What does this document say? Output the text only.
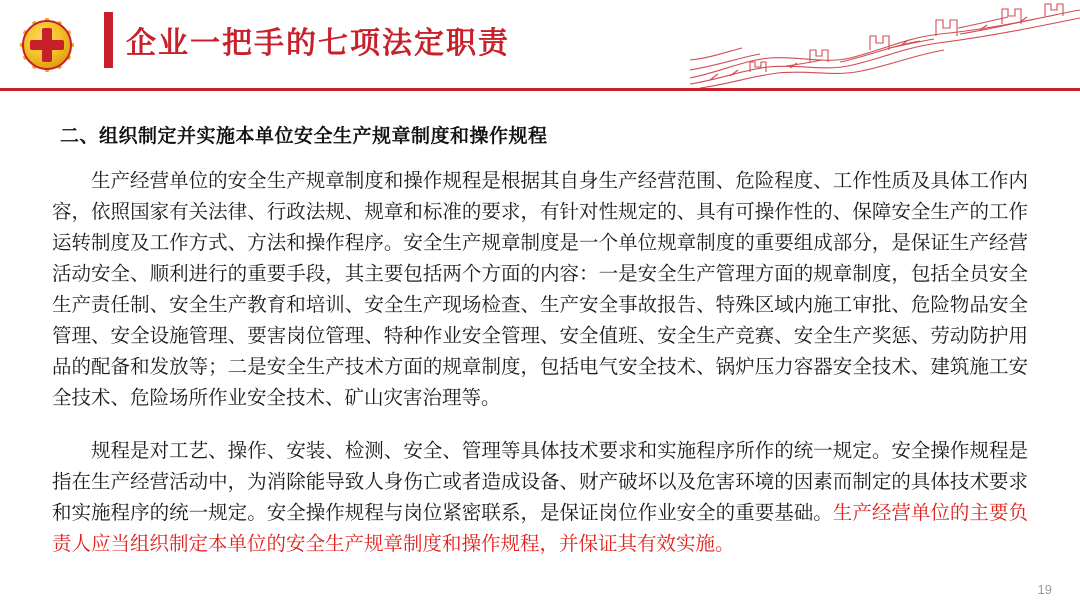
企业一把手的七项法定职责
二、组织制定并实施本单位安全生产规章制度和操作规程

生产经营单位的安全生产规章制度和操作规程是根据其自身生产经营范围、危险程度、工作性质及具体工作内容，依照国家有关法律、行政法规、规章和标准的要求，有针对性规定的、具有可操作性的、保障安全生产的工作运转制度及工作方式、方法和操作程序。安全生产规章制度是一个单位规章制度的重要组成部分，是保证生产经营活动安全、顺利进行的重要手段，其主要包括两个方面的内容：一是安全生产管理方面的规章制度，包括全员安全生产责任制、安全生产教育和培训、安全生产现场检查、生产安全事故报告、特殊区域内施工审批、危险物品安全管理、安全设施管理、要害岗位管理、特种作业安全管理、安全值班、安全生产竞赛、安全生产奖惩、劳动防护用品的配备和发放等；二是安全生产技术方面的规章制度，包括电气安全技术、锅炉压力容器安全技术、建筑施工安全技术、危险场所作业安全技术、矿山灾害治理等。

规程是对工艺、操作、安装、检测、安全、管理等具体技术要求和实施程序所作的统一规定。安全操作规程是指在生产经营活动中，为消除能导致人身伤亡或者造成设备、财产破坏以及危害环境的因素而制定的具体技术要求和实施程序的统一规定。安全操作规程与岗位紧密联系，是保证岗位作业安全的重要基础。生产经营单位的主要负责人应当组织制定本单位的安全生产规章制度和操作规程，并保证其有效实施。

19
